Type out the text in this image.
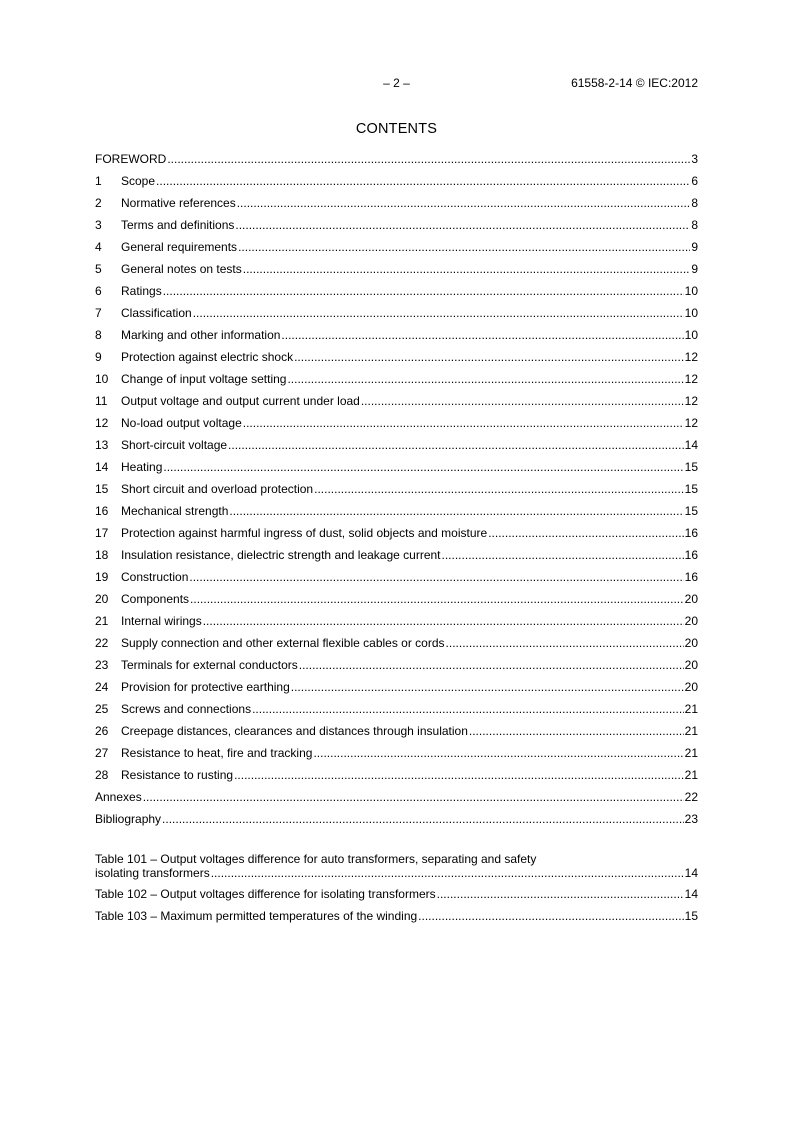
– 2 –	61558-2-14 © IEC:2012
CONTENTS
FOREWORD .....	3
1	Scope .....	6
2	Normative references .....	8
3	Terms and definitions .....	8
4	General requirements .....	9
5	General notes on tests .....	9
6	Ratings .....	10
7	Classification .....	10
8	Marking and other information .....	10
9	Protection against electric shock .....	12
10	Change of input voltage setting .....	12
11	Output voltage and output current under load .....	12
12	No-load output voltage .....	12
13	Short-circuit voltage .....	14
14	Heating .....	15
15	Short circuit and overload protection .....	15
16	Mechanical strength .....	15
17	Protection against harmful ingress of dust, solid objects and moisture .....	16
18	Insulation resistance, dielectric strength and leakage current .....	16
19	Construction .....	16
20	Components .....	20
21	Internal wirings .....	20
22	Supply connection and other external flexible cables or cords .....	20
23	Terminals for external conductors .....	20
24	Provision for protective earthing .....	20
25	Screws and connections .....	21
26	Creepage distances, clearances and distances through insulation .....	21
27	Resistance to heat, fire and tracking .....	21
28	Resistance to rusting .....	21
Annexes .....	22
Bibliography .....	23
Table 101 – Output voltages difference for auto transformers, separating and safety
isolating transformers .....	14
Table 102 – Output voltages difference for isolating transformers .....	14
Table 103 – Maximum permitted temperatures of the winding .....	15
